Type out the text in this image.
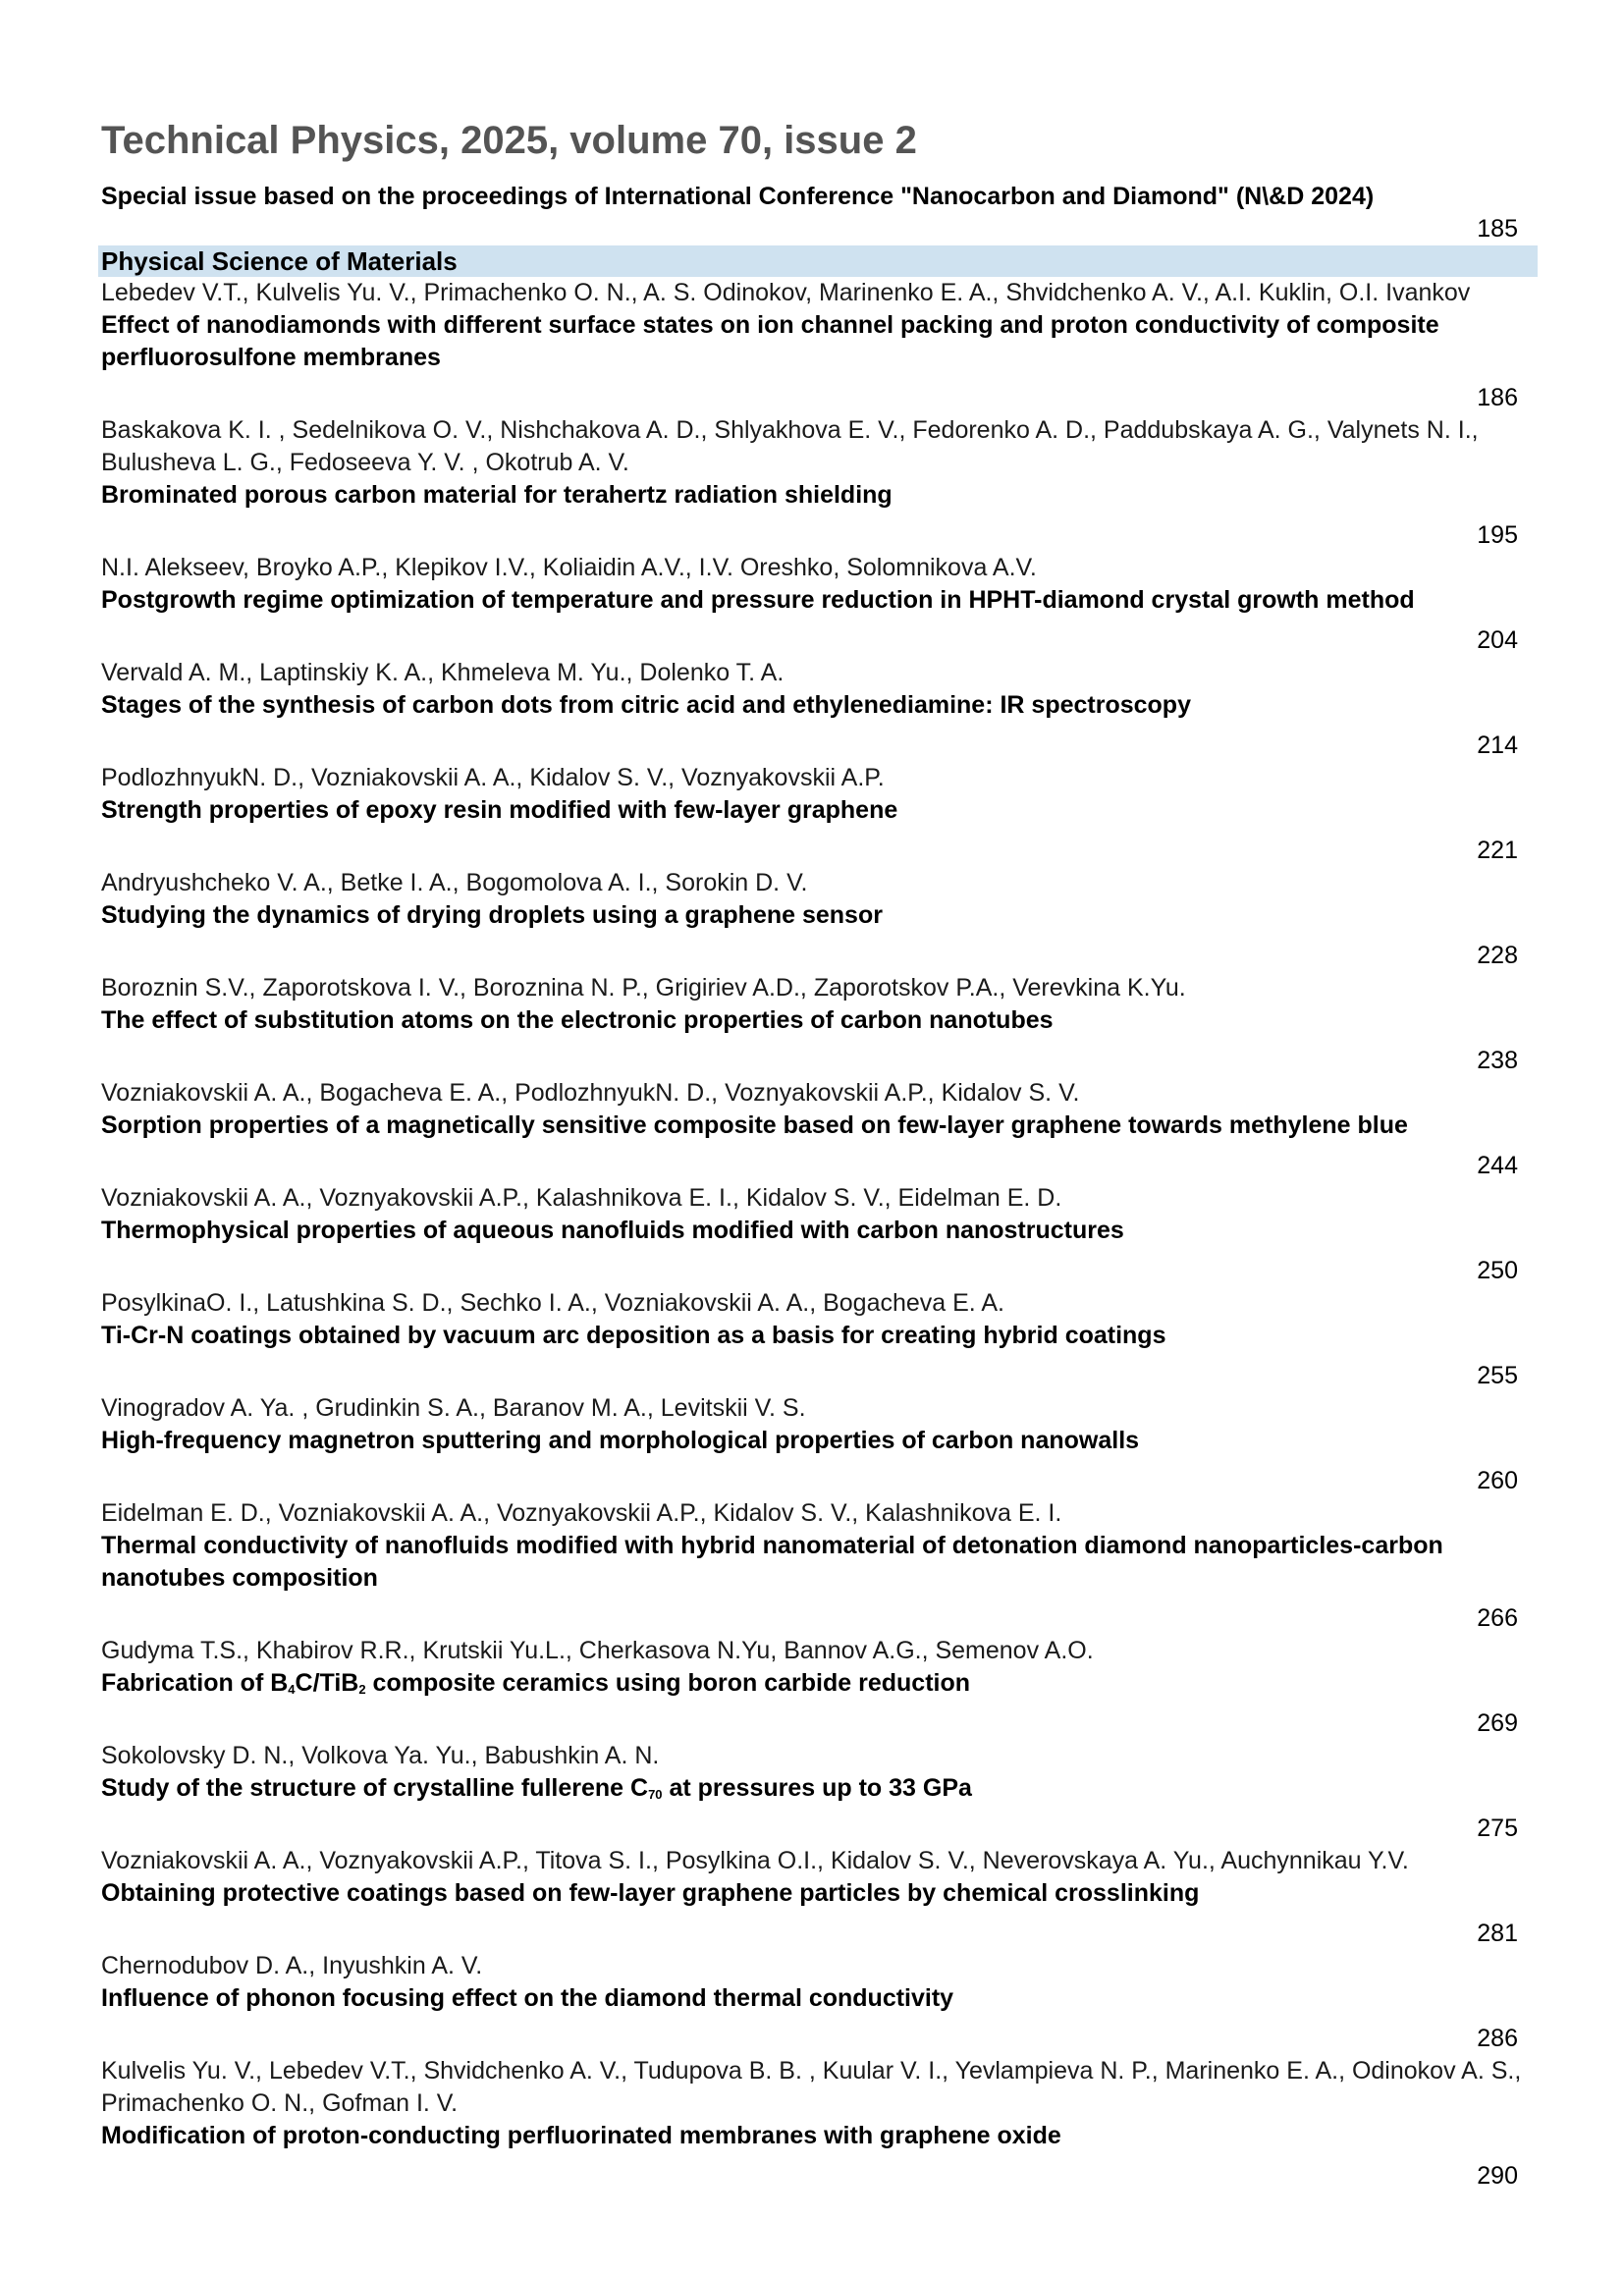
Technical Physics, 2025, volume 70, issue 2
Special issue based on the proceedings of International Conference "Nanocarbon and Diamond" (N\&D 2024)
185
Physical Science of Materials
Lebedev V.T., Kulvelis Yu. V., Primachenko O. N., A. S. Odinokov, Marinenko E. A., Shvidchenko A. V., A.I. Kuklin, O.I. Ivankov
Effect of nanodiamonds with different surface states on ion channel packing and proton conductivity of composite perfluorosulfone membranes
186
Baskakova K. I. , Sedelnikova O. V., Nishchakova A. D., Shlyakhova E. V., Fedorenko A. D., Paddubskaya A. G., Valynets N. I., Bulusheva L. G., Fedoseeva Y. V. , Okotrub A. V.
Brominated porous carbon material for terahertz radiation shielding
195
N.I. Alekseev, Broyko A.P., Klepikov I.V., Koliaidin A.V., I.V. Oreshko, Solomnikova A.V.
Postgrowth regime optimization of temperature and pressure reduction in HPHT-diamond crystal growth method
204
Vervald A. M., Laptinskiy K. A., Khmeleva M. Yu., Dolenko T. A.
Stages of the synthesis of carbon dots from citric acid and ethylenediamine: IR spectroscopy
214
PodlozhnyukN. D., Vozniakovskii A. A., Kidalov S. V., Voznyakovskii A.P.
Strength properties of epoxy resin modified with few-layer graphene
221
Andryushcheko V. A., Betke I. A., Bogomolova A. I., Sorokin D. V.
Studying the dynamics of drying droplets using a graphene sensor
228
Boroznin S.V., Zaporotskova I. V., Boroznina N. P., Grigiriev A.D., Zaporotskov P.A., Verevkina K.Yu.
The effect of substitution atoms on the electronic properties of carbon nanotubes
238
Vozniakovskii A. A., Bogacheva E. A., PodlozhnyukN. D., Voznyakovskii A.P., Kidalov S. V.
Sorption properties of a magnetically sensitive composite based on few-layer graphene towards methylene blue
244
Vozniakovskii A. A., Voznyakovskii A.P., Kalashnikova E. I., Kidalov S. V., Eidelman E. D.
Thermophysical properties of aqueous nanofluids modified with carbon nanostructures
250
PosylkinaO. I., Latushkina S. D., Sechko I. A., Vozniakovskii A. A., Bogacheva E. A.
Ti-Cr-N coatings obtained by vacuum arc deposition as a basis for creating hybrid coatings
255
Vinogradov A. Ya. , Grudinkin S. A., Baranov M. A., Levitskii V. S.
High-frequency magnetron sputtering and morphological properties of carbon nanowalls
260
Eidelman E. D., Vozniakovskii A. A., Voznyakovskii A.P., Kidalov S. V., Kalashnikova E. I.
Thermal conductivity of nanofluids modified with hybrid nanomaterial of detonation diamond nanoparticles-carbon nanotubes composition
266
Gudyma T.S., Khabirov R.R., Krutskii Yu.L., Cherkasova N.Yu, Bannov A.G., Semenov A.O.
Fabrication of $B_4C/TiB_2$ composite ceramics using boron carbide reduction
269
Sokolovsky D. N., Volkova Ya. Yu., Babushkin A. N.
Study of the structure of crystalline fullerene $C_{70}$ at pressures up to 33 GPa
275
Vozniakovskii A. A., Voznyakovskii A.P., Titova S. I., Posylkina O.I., Kidalov S. V., Neverovskaya A. Yu., Auchynnikau Y.V.
Obtaining protective coatings based on few-layer graphene particles by chemical crosslinking
281
Chernodubov D. A., Inyushkin A. V.
Influence of phonon focusing effect on the diamond thermal conductivity
286
Kulvelis Yu. V., Lebedev V.T., Shvidchenko A. V., Tudupova B. B. , Kuular V. I., Yevlampieva N. P., Marinenko E. A., Odinokov A. S., Primachenko O. N., Gofman I. V.
Modification of proton-conducting perfluorinated membranes with graphene oxide
290
